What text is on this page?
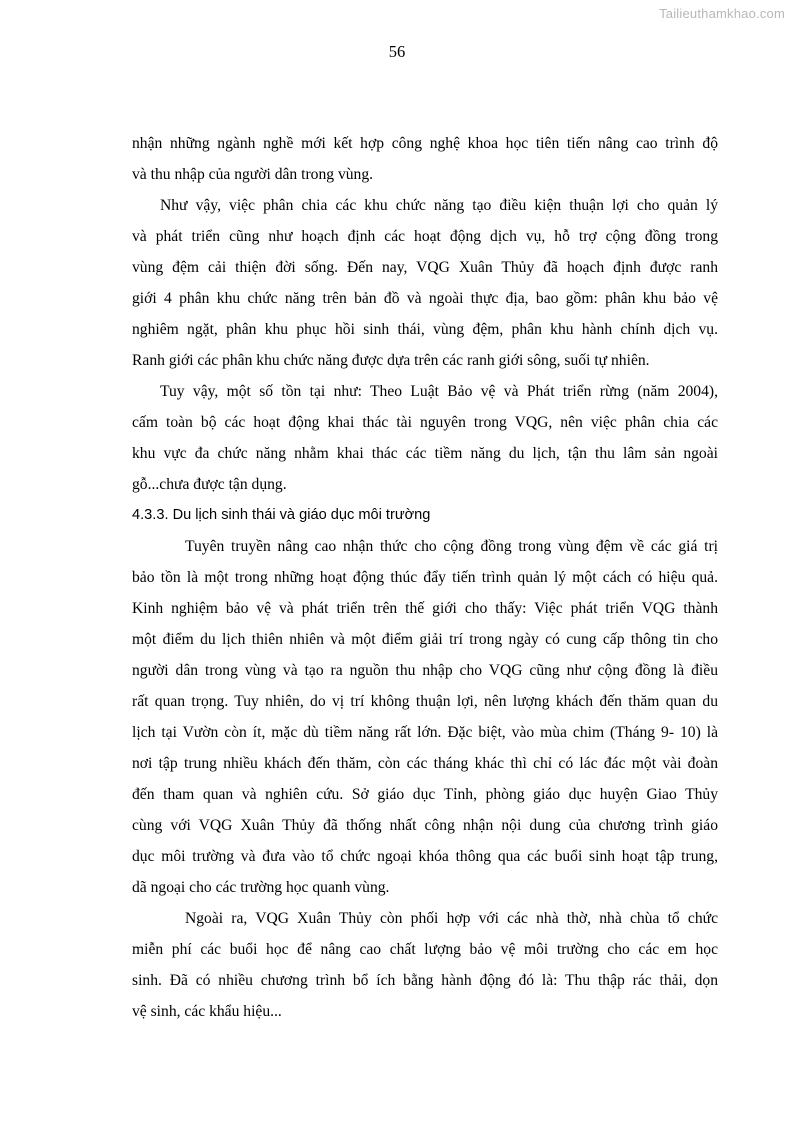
Tailieuthamkhao.com
56
nhận những ngành nghề mới kết hợp công nghệ khoa học tiên tiến nâng cao trình độ
và thu nhập của người dân trong vùng.
Như vậy, việc phân chia các khu chức năng tạo điều kiện thuận lợi cho quản lý
và phát triển cũng như hoạch định các hoạt động dịch vụ, hỗ trợ cộng đồng trong
vùng đệm cải thiện đời sống. Đến nay, VQG Xuân Thủy đã hoạch định được ranh
giới 4 phân khu chức năng trên bản đồ và ngoài thực địa, bao gồm: phân khu bảo vệ
nghiêm ngặt, phân khu phục hồi sinh thái, vùng đệm, phân khu hành chính dịch vụ.
Ranh giới các phân khu chức năng được dựa trên các ranh giới sông, suối tự nhiên.
Tuy vậy, một số tồn tại như: Theo Luật Bảo vệ và Phát triển rừng (năm 2004),
cấm toàn bộ các hoạt động khai thác tài nguyên trong VQG, nên việc phân chia các
khu vực đa chức năng nhằm khai thác các tiềm năng du lịch, tận thu lâm sản ngoài
gỗ...chưa được tận dụng.
4.3.3. Du lịch sinh thái và giáo dục môi trường
Tuyên truyền nâng cao nhận thức cho cộng đồng trong vùng đệm về các giá trị
bảo tồn là một trong những hoạt động thúc đẩy tiến trình quản lý một cách có hiệu quả.
Kinh nghiệm bảo vệ và phát triển trên thế giới cho thấy: Việc phát triển VQG thành
một điểm du lịch thiên nhiên và một điểm giải trí trong ngày có cung cấp thông tin cho
người dân trong vùng và tạo ra nguồn thu nhập cho VQG cũng như cộng đồng là điều
rất quan trọng. Tuy nhiên, do vị trí không thuận lợi, nên lượng khách đến thăm quan du
lịch tại Vườn còn ít, mặc dù tiềm năng rất lớn. Đặc biệt, vào mùa chim (Tháng 9- 10) là
nơi tập trung nhiều khách đến thăm, còn các tháng khác thì chỉ có lác đác một vài đoàn
đến tham quan và nghiên cứu. Sở giáo dục Tỉnh, phòng giáo dục huyện Giao Thủy
cùng với VQG Xuân Thủy đã thống nhất công nhận nội dung của chương trình giáo
dục môi trường và đưa vào tổ chức ngoại khóa thông qua các buổi sinh hoạt tập trung,
dã ngoại cho các trường học quanh vùng.
Ngoài ra, VQG Xuân Thủy còn phối hợp với các nhà thờ, nhà chùa tổ chức
miễn phí các buổi học để nâng cao chất lượng bảo vệ môi trường cho các em học
sinh. Đã có nhiều chương trình bổ ích bằng hành động đó là: Thu thập rác thải, dọn
vệ sinh, các khẩu hiệu...
